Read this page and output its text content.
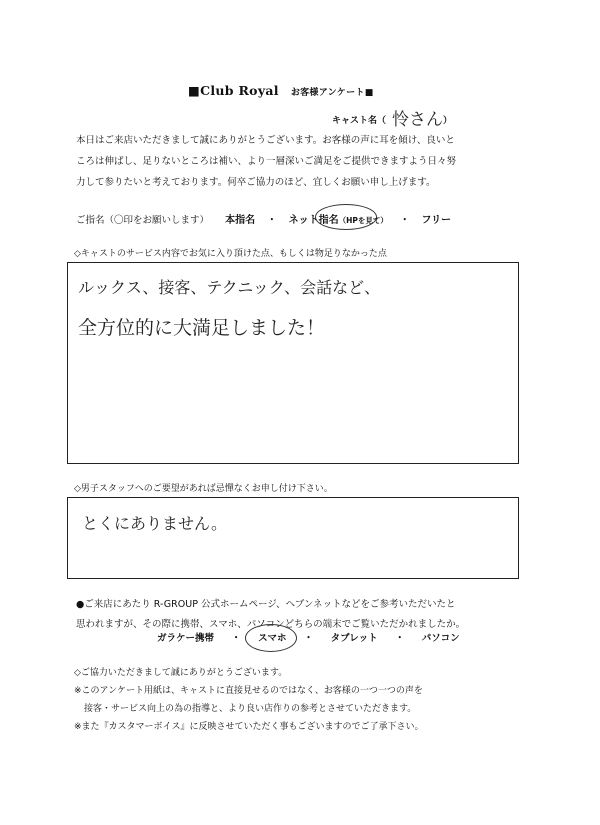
■Club Royal お客様アンケート■
キャスト名（ 怜さん）
本日はご来店いただきまして誠にありがとうございます。お客様の声に耳を傾け、良いと
ころは伸ばし、足りないところは補い、より一層深いご満足をご提供できますよう日々努
力して参りたいと考えております。何卒ご協力のほど、宜しくお願い申し上げます。
ご指名（〇印をお願いします） 本指名 ・ ネット指名（HPを見て） ・ フリー
◇キャストのサービス内容でお気に入り頂けた点、もしくは物足りなかった点
ルックス、接客、テクニック、会話など、
全方位的に大満足しました！
◇男子スタッフへのご要望があれば忌憚なくお申し付け下さい。
とくにありません。
●ご来店にあたり R-GROUP 公式ホームページ、ヘブンネットなどをご参考いただいたと
思われますが、その際に携帯、スマホ、パソコンどちらの端末でご覧いただかれましたか。
ガラケー携帯 ・ スマホ ・ タブレット ・ パソコン
◇ご協力いただきまして誠にありがとうございます。
※このアンケート用紙は、キャストに直接見せるのではなく、お客様の一つ一つの声を
接客・サービス向上の為の指導と、より良い店作りの参考とさせていただきます。
※また『カスタマーボイス』に反映させていただく事もございますのでご了承下さい。
